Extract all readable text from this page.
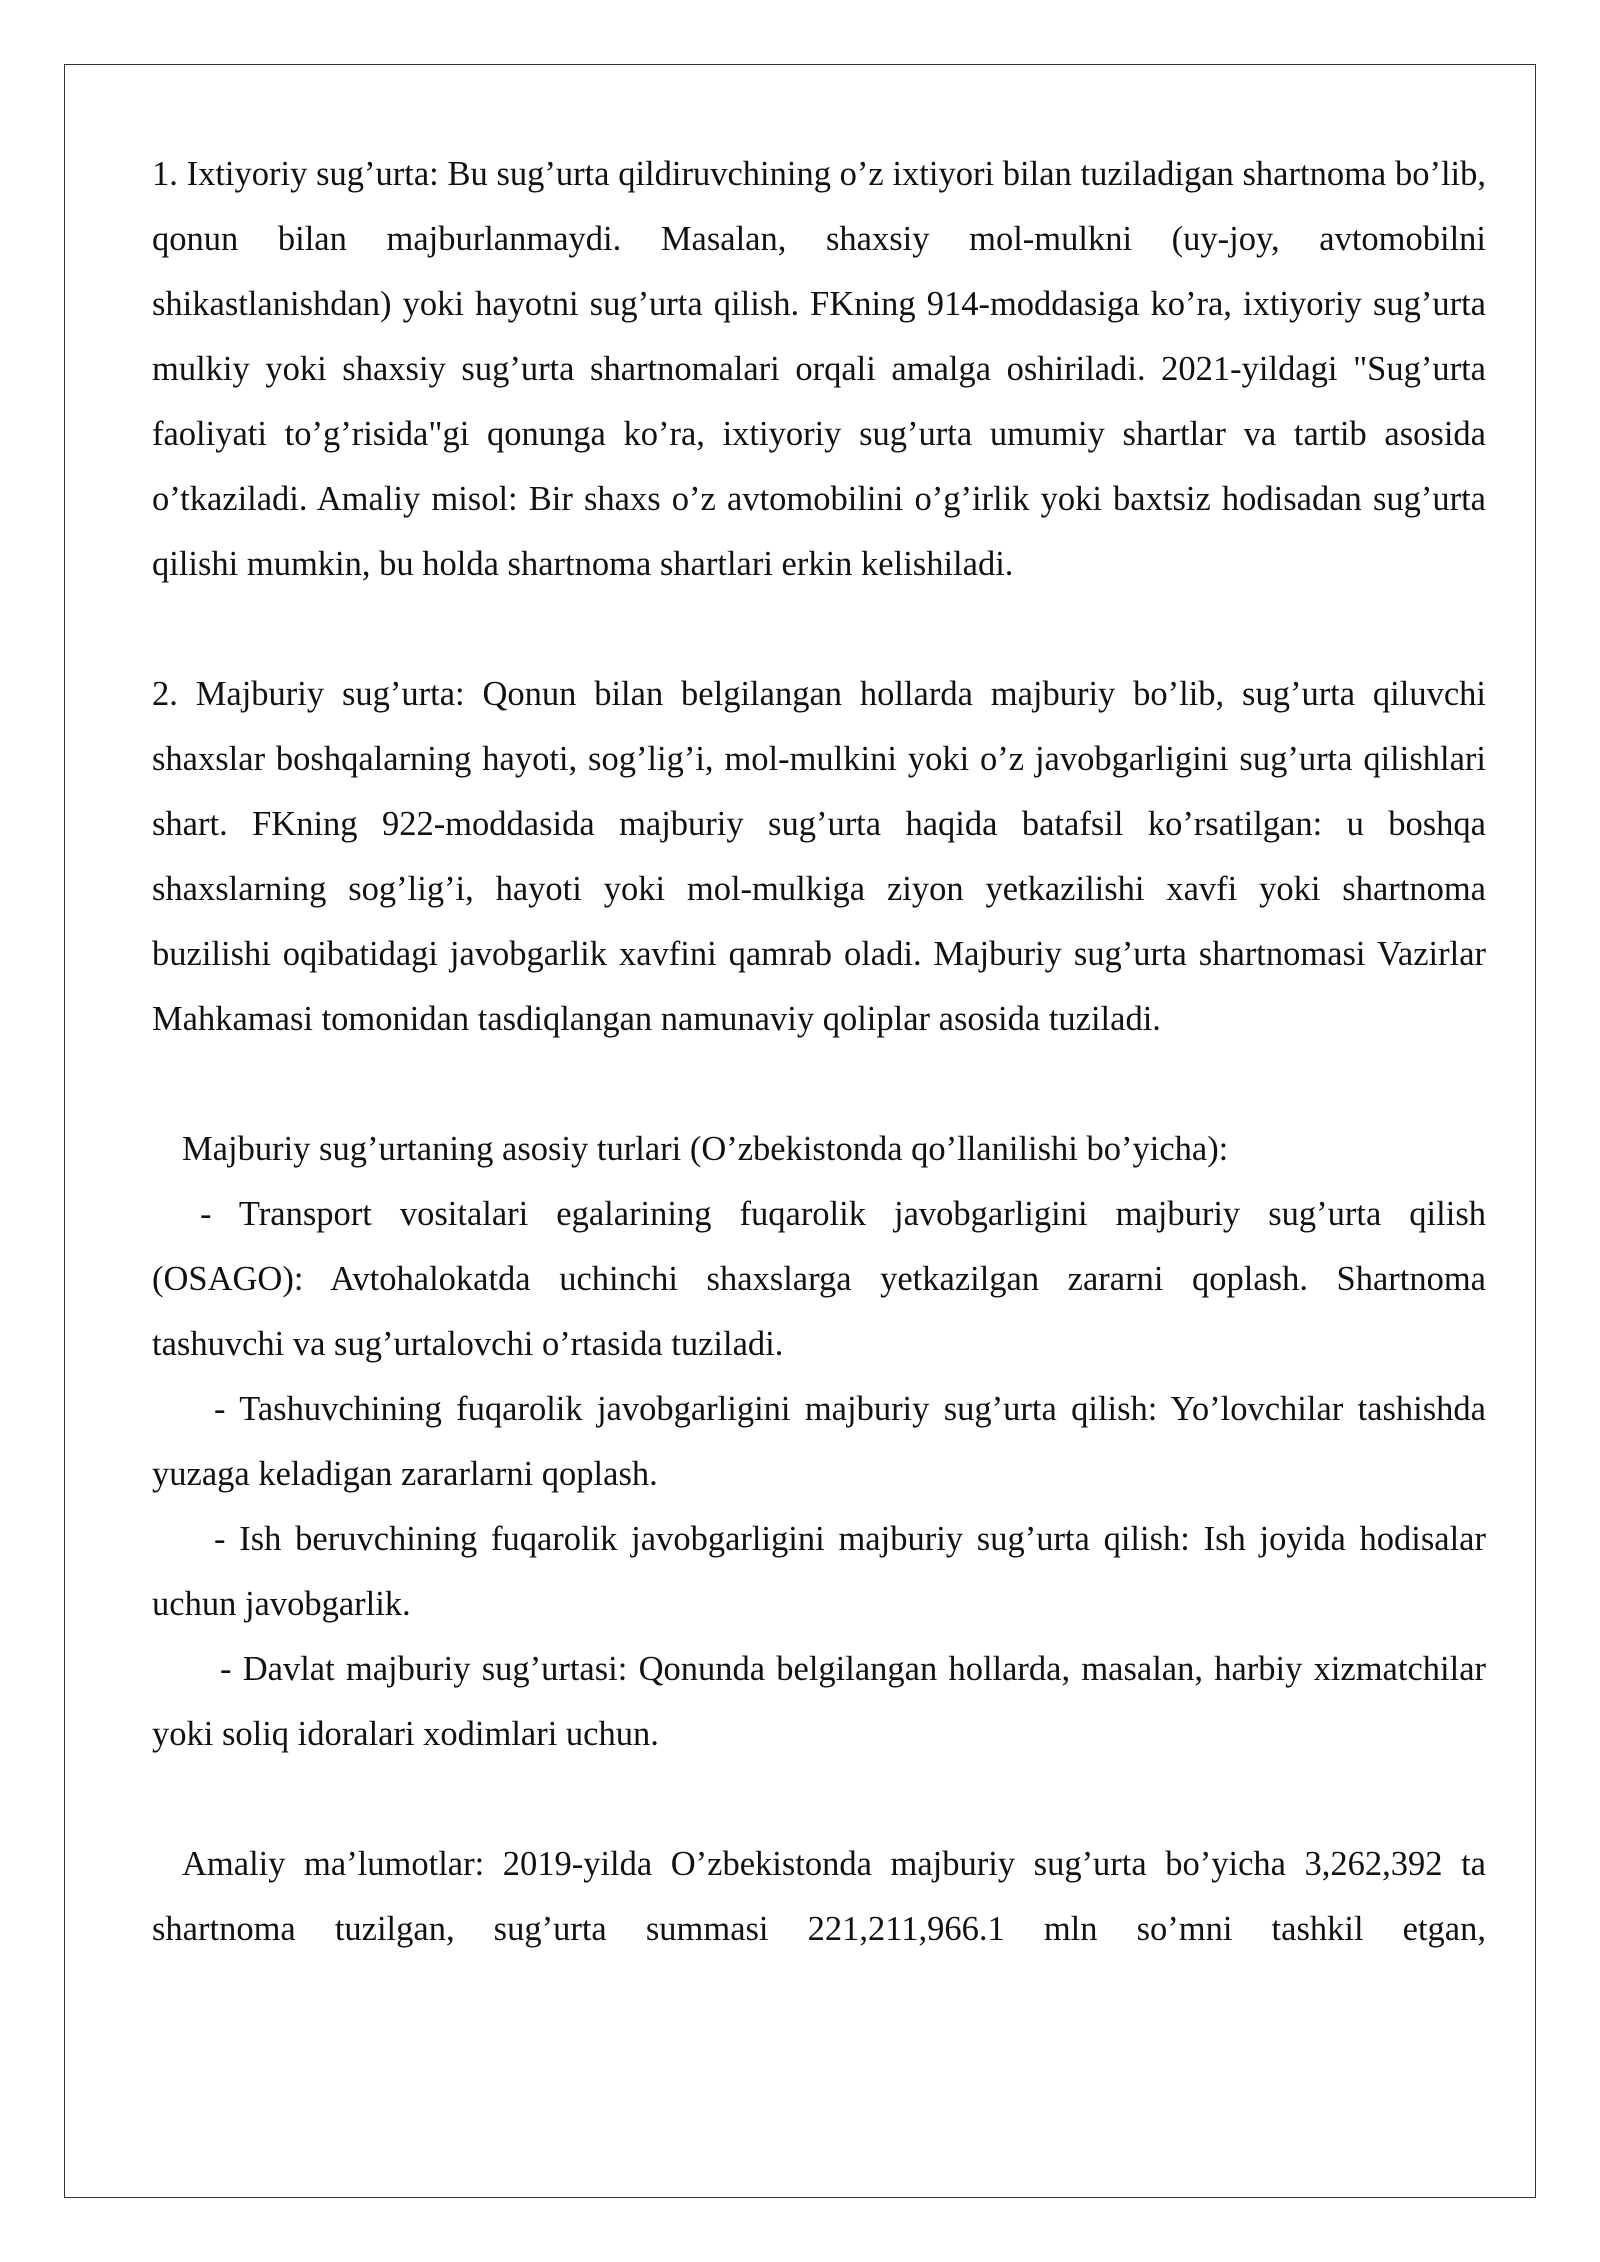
1. Ixtiyoriy sug’urta: Bu sug’urta qildiruvchining o’z ixtiyori bilan tuziladigan shartnoma bo’lib, qonun bilan majburlanmaydi. Masalan, shaxsiy mol-mulkni (uy-joy, avtomobilni shikastlanishdan) yoki hayotni sug’urta qilish. FKning 914-moddasiga ko’ra, ixtiyoriy sug’urta mulkiy yoki shaxsiy sug’urta shartnomalari orqali amalga oshiriladi. 2021-yildagi "Sug’urta faoliyati to’g’risida"gi qonunga ko’ra, ixtiyoriy sug’urta umumiy shartlar va tartib asosida o’tkaziladi. Amaliy misol: Bir shaxs o’z avtomobilini o’g’irlik yoki baxtsiz hodisadan sug’urta qilishi mumkin, bu holda shartnoma shartlari erkin kelishiladi.

2. Majburiy sug’urta: Qonun bilan belgilangan hollarda majburiy bo’lib, sug’urta qiluvchi shaxslar boshqalarning hayoti, sog’lig’i, mol-mulkini yoki o’z javobgarligini sug’urta qilishlari shart. FKning 922-moddasida majburiy sug’urta haqida batafsil ko’rsatilgan: u boshqa shaxslarning sog’lig’i, hayoti yoki mol-mulkiga ziyon yetkazilishi xavfi yoki shartnoma buzilishi oqibatidagi javobgarlik xavfini qamrab oladi. Majburiy sug’urta shartnomasi Vazirlar Mahkamasi tomonidan tasdiqlangan namunaviy qoliplar asosida tuziladi.

Majburiy sug’urtaning asosiy turlari (O’zbekistonda qo’llanilishi bo’yicha):

- Transport vositalari egalarining fuqarolik javobgarligini majburiy sug’urta qilish (OSAGO): Avtohalokatda uchinchi shaxslarga yetkazilgan zararni qoplash. Shartnoma tashuvchi va sug’urtalovchi o’rtasida tuziladi.

- Tashuvchining fuqarolik javobgarligini majburiy sug’urta qilish: Yo’lovchilar tashishda yuzaga keladigan zararlarni qoplash.

- Ish beruvchining fuqarolik javobgarligini majburiy sug’urta qilish: Ish joyida hodisalar uchun javobgarlik.

- Davlat majburiy sug’urtasi: Qonunda belgilangan hollarda, masalan, harbiy xizmatchilar yoki soliq idoralari xodimlari uchun.

Amaliy ma’lumotlar: 2019-yilda O’zbekistonda majburiy sug’urta bo’yicha 3,262,392 ta shartnoma tuzilgan, sug’urta summasi 221,211,966.1 mln so’mni tashkil etgan,
